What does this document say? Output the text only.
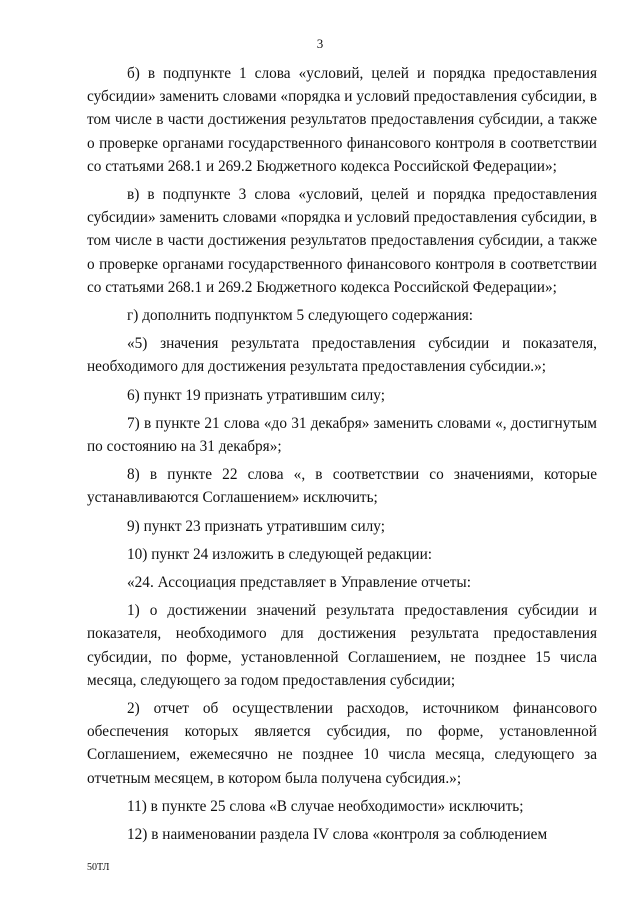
3

б) в подпункте 1 слова «условий, целей и порядка предоставления субсидии» заменить словами «порядка и условий предоставления субсидии, в том числе в части достижения результатов предоставления субсидии, а также о проверке органами государственного финансового контроля в соответствии со статьями 268.1 и 269.2 Бюджетного кодекса Российской Федерации»;

в) в подпункте 3 слова «условий, целей и порядка предоставления субсидии» заменить словами «порядка и условий предоставления субсидии, в том числе в части достижения результатов предоставления субсидии, а также о проверке органами государственного финансового контроля в соответствии со статьями 268.1 и 269.2 Бюджетного кодекса Российской Федерации»;

г) дополнить подпунктом 5 следующего содержания:

«5) значения результата предоставления субсидии и показателя, необходимого для достижения результата предоставления субсидии.»;

6) пункт 19 признать утратившим силу;

7) в пункте 21 слова «до 31 декабря» заменить словами «, достигнутым по состоянию на 31 декабря»;

8) в пункте 22 слова «, в соответствии со значениями, которые устанавливаются Соглашением» исключить;

9) пункт 23 признать утратившим силу;

10) пункт 24 изложить в следующей редакции:

«24. Ассоциация представляет в Управление отчеты:

1) о достижении значений результата предоставления субсидии и показателя, необходимого для достижения результата предоставления субсидии, по форме, установленной Соглашением, не позднее 15 числа месяца, следующего за годом предоставления субсидии;

2) отчет об осуществлении расходов, источником финансового обеспечения которых является субсидия, по форме, установленной Соглашением, ежемесячно не позднее 10 числа месяца, следующего за отчетным месяцем, в котором была получена субсидия.»;

11) в пункте 25 слова «В случае необходимости» исключить;

12) в наименовании раздела IV слова «контроля за соблюдением

50ТЛ
